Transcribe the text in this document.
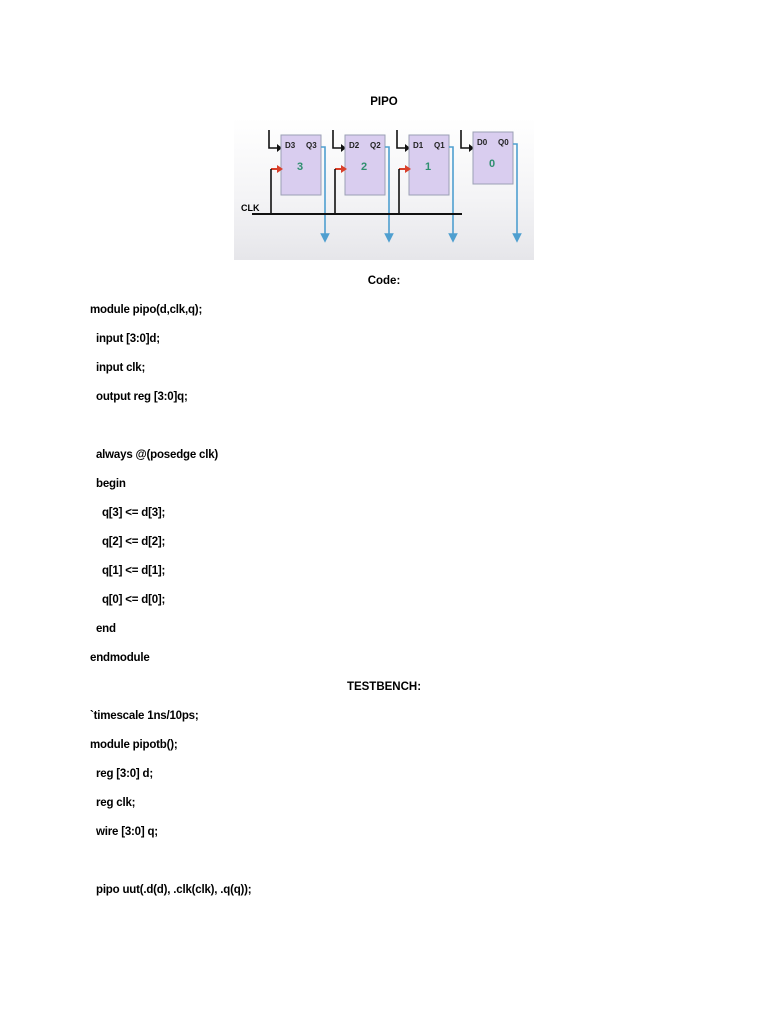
PIPO
D3 Q3
3
D2 Q2
2
D1 Q1
1
D0 Q0
0
CLK
Code:
module pipo(d,clk,q);
input [3:0]d;
input clk;
output reg [3:0]q;
always @(posedge clk)
begin
q[3] <= d[3];
q[2] <= d[2];
q[1] <= d[1];
q[0] <= d[0];
end
endmodule
TESTBENCH:
`timescale 1ns/10ps;
module pipotb();
reg [3:0] d;
reg clk;
wire [3:0] q;
pipo uut(.d(d), .clk(clk), .q(q));
